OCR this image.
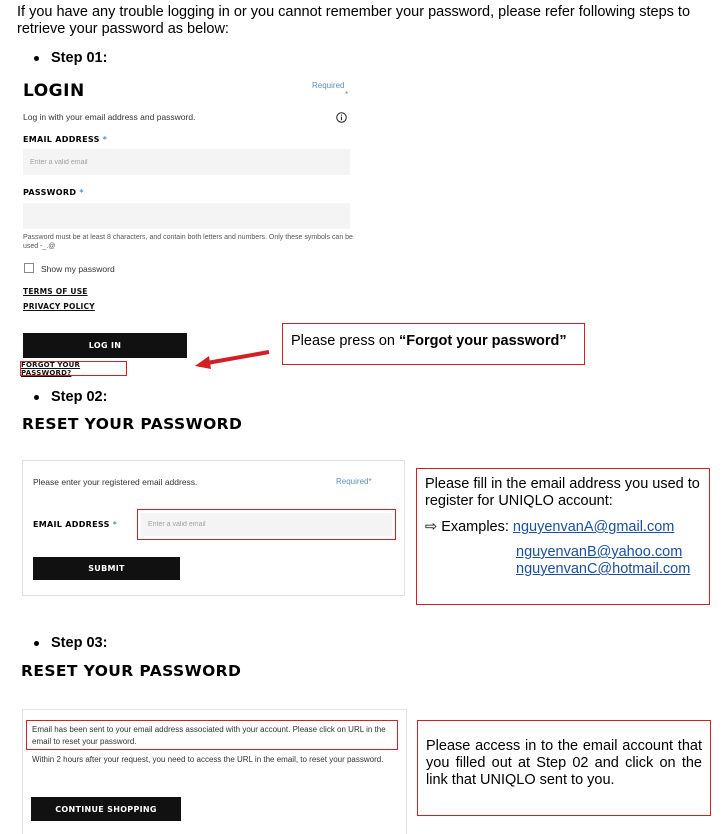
If you have any trouble logging in or you cannot remember your password, please refer following steps to retrieve your password as below:
Step 01:
LOGIN	Required
*
Log in with your email address and password.
EMAIL ADDRESS *
Enter a valid email
PASSWORD *
Password must be at least 8 characters, and contain both letters and numbers. Only these symbols can be used -_.@
Show my password
TERMS OF USE
PRIVACY POLICY
LOG IN
FORGOT YOUR PASSWORD?
Please press on “Forgot your password”
Step 02:
RESET YOUR PASSWORD
Please enter your registered email address.	Required*
EMAIL ADDRESS *
Enter a valid email
SUBMIT
Please fill in the email address you used to register for UNIQLO account:
⇨ Examples: nguyenvanA@gmail.com
nguyenvanB@yahoo.com
nguyenvanC@hotmail.com
Step 03:
RESET YOUR PASSWORD
Email has been sent to your email address associated with your account. Please click on URL in the email to reset your password.
Within 2 hours after your request, you need to access the URL in the email, to reset your password.
CONTINUE SHOPPING
Please access in to the email account that you filled out at Step 02 and click on the link that UNIQLO sent to you.
